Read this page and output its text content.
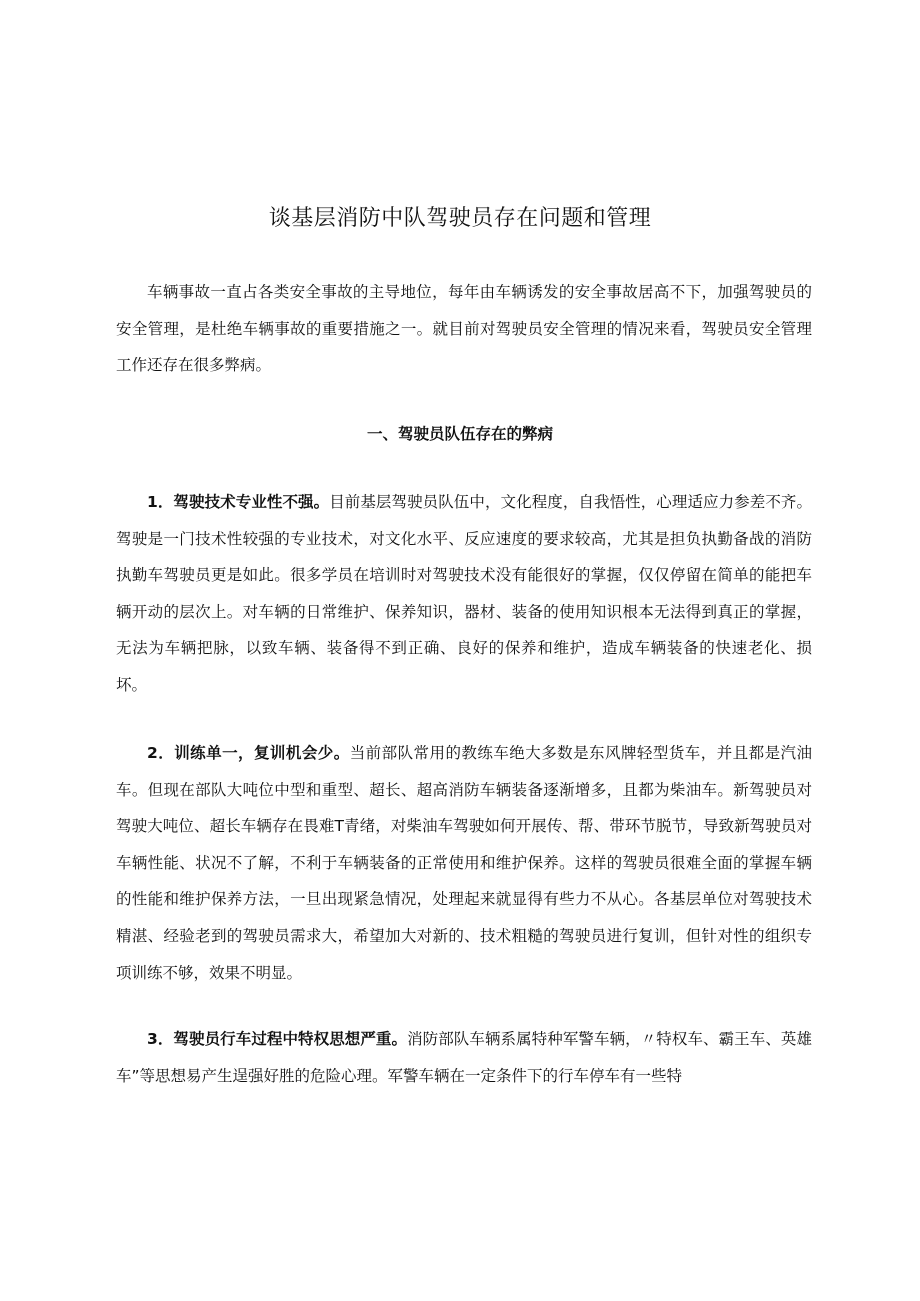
谈基层消防中队驾驶员存在问题和管理

车辆事故一直占各类安全事故的主导地位，每年由车辆诱发的安全事故居高不下，加强驾驶员的安全管理，是杜绝车辆事故的重要措施之一。就目前对驾驶员安全管理的情况来看，驾驶员安全管理工作还存在很多弊病。

一、驾驶员队伍存在的弊病

1．驾驶技术专业性不强。目前基层驾驶员队伍中，文化程度，自我悟性，心理适应力参差不齐。驾驶是一门技术性较强的专业技术，对文化水平、反应速度的要求较高，尤其是担负执勤备战的消防执勤车驾驶员更是如此。很多学员在培训时对驾驶技术没有能很好的掌握，仅仅停留在简单的能把车辆开动的层次上。对车辆的日常维护、保养知识，器材、装备的使用知识根本无法得到真正的掌握，无法为车辆把脉，以致车辆、装备得不到正确、良好的保养和维护，造成车辆装备的快速老化、损坏。

2．训练单一，复训机会少。当前部队常用的教练车绝大多数是东风牌轻型货车，并且都是汽油车。但现在部队大吨位中型和重型、超长、超高消防车辆装备逐渐增多，且都为柴油车。新驾驶员对驾驶大吨位、超长车辆存在畏难T青绪，对柴油车驾驶如何开展传、帮、带环节脱节，导致新驾驶员对车辆性能、状况不了解，不利于车辆装备的正常使用和维护保养。这样的驾驶员很难全面的掌握车辆的性能和维护保养方法，一旦出现紧急情况，处理起来就显得有些力不从心。各基层单位对驾驶技术精湛、经验老到的驾驶员需求大，希望加大对新的、技术粗糙的驾驶员进行复训，但针对性的组织专项训练不够，效果不明显。

3．驾驶员行车过程中特权思想严重。消防部队车辆系属特种军警车辆，〃特权车、霸王车、英雄车”等思想易产生逞强好胜的危险心理。军警车辆在一定条件下的行车停车有一些特
